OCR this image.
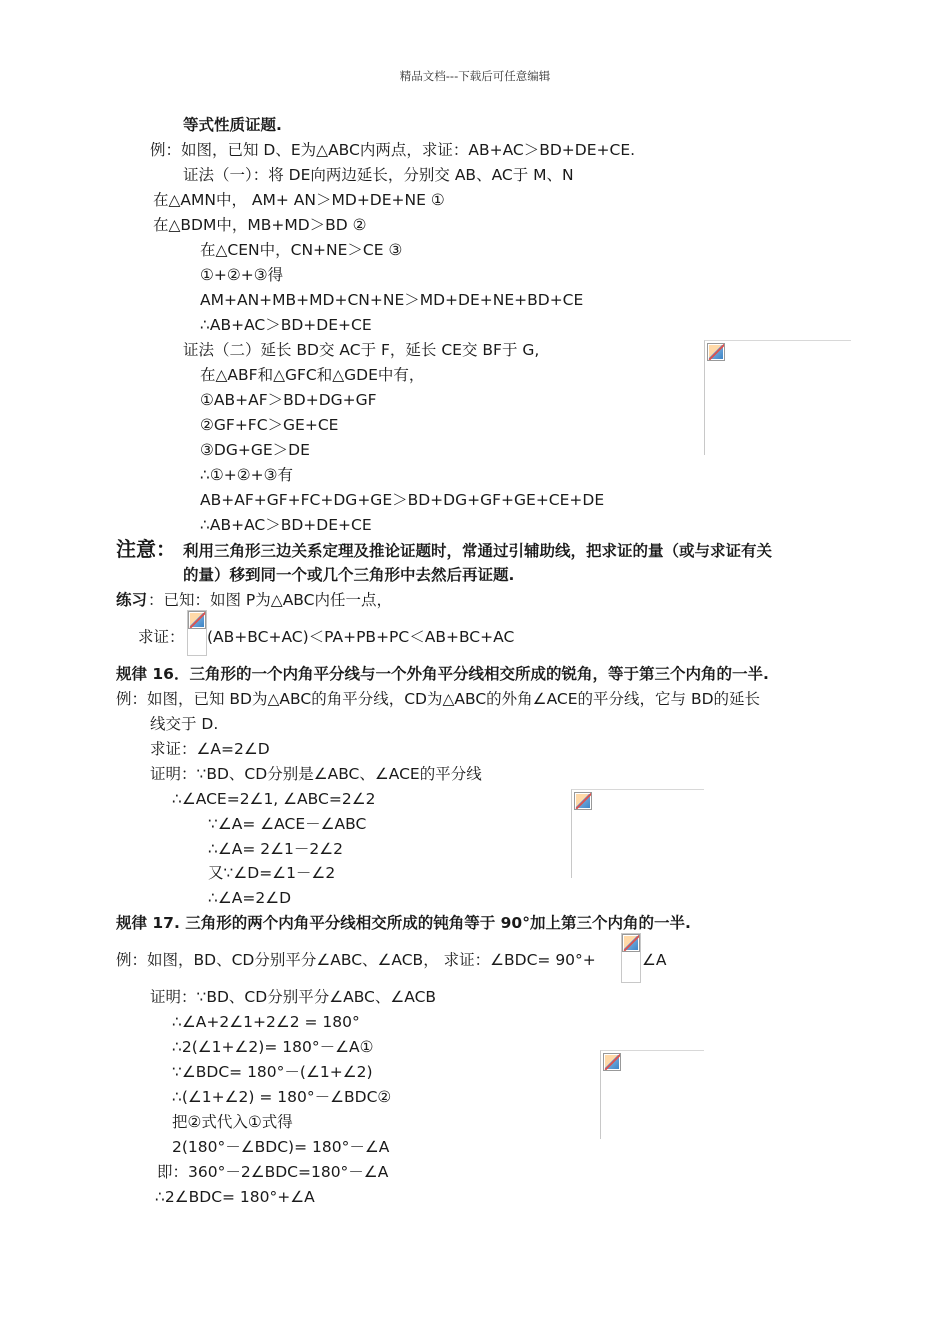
精品文档---下载后可任意编辑
等式性质证题.
例：如图，已知 D、E为△ABC内两点，求证：AB+AC＞BD+DE+CE.
证法（一）：将 DE向两边延长，分别交 AB、AC于 M、N
在△AMN中， AM+ AN＞MD+DE+NE ①
在△BDM中，MB+MD＞BD ②
在△CEN中，CN+NE＞CE ③
①+②+③得
AM+AN+MB+MD+CN+NE＞MD+DE+NE+BD+CE
∴AB+AC＞BD+DE+CE
证法（二）延长 BD交 AC于 F，延长 CE交 BF于 G,
在△ABF和△GFC和△GDE中有，
①AB+AF＞BD+DG+GF
②GF+FC＞GE+CE
③DG+GE＞DE
∴①+②+③有
AB+AF+GF+FC+DG+GE＞BD+DG+GF+GE+CE+DE
∴AB+AC＞BD+DE+CE
注意： 利用三角形三边关系定理及推论证题时，常通过引辅助线，把求证的量（或与求证有关
的量）移到同一个或几个三角形中去然后再证题.
练习 ：已知：如图 P为△ABC内任一点，
求证： (AB+BC+AC)＜PA+PB+PC＜AB+BC+AC
规律 16．三角形的一个内角平分线与一个外角平分线相交所成的锐角，等于第三个内角的一半.
例：如图，已知 BD为△ABC的角平分线，CD为△ABC的外角∠ACE的平分线，它与 BD的延长
线交于 D.
求证：∠A=2∠D
证明：∵BD、CD分别是∠ABC、∠ACE的平分线
∴∠ACE=2∠1, ∠ABC=2∠2
∵∠A= ∠ACE－∠ABC
∴∠A= 2∠1－2∠2
又∵∠D=∠1－∠2
∴∠A=2∠D
规律 17. 三角形的两个内角平分线相交所成的钝角等于 90°加上第三个内角的一半.
例：如图，BD、CD分别平分∠ABC、∠ACB， 求证：∠BDC= 90°+	∠A
证明：∵BD、CD分别平分∠ABC、∠ACB
∴∠A+2∠1+2∠2 = 180°
∴2(∠1+∠2)= 180°－∠A①
∵∠BDC= 180°－(∠1+∠2)
∴(∠1+∠2) = 180°－∠BDC②
把②式代入①式得
2(180°－∠BDC)= 180°－∠A
即：360°－2∠BDC=180°－∠A
∴2∠BDC= 180°+∠A
